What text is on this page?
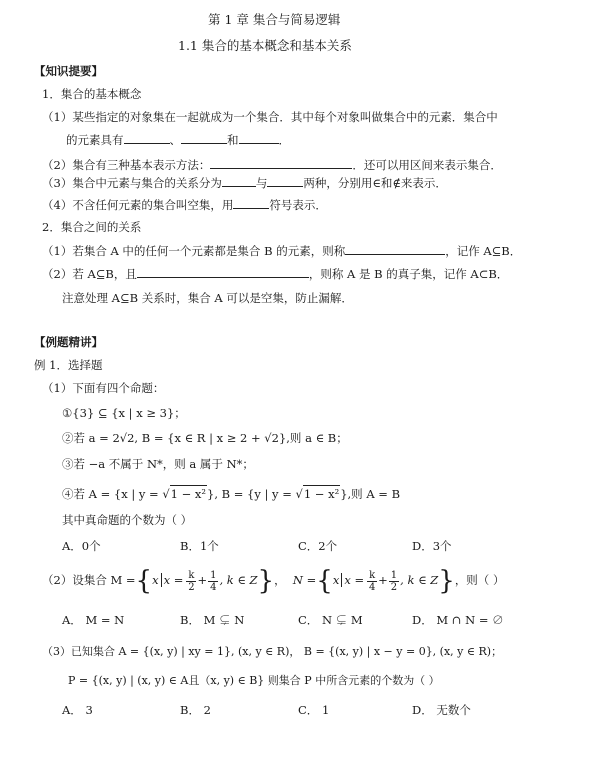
第 1 章 集合与简易逻辑
1.1 集合的基本概念和基本关系
【知识提要】
1．集合的基本概念
（1）某些指定的对象集在一起就成为一个集合．其中每个对象叫做集合中的元素．集合中
的元素具有	、	和	．
（2）集合有三种基本表示方法：	．还可以用区间来表示集合．
（3）集合中元素与集合的关系分为	与	两种，分别用∈和∉来表示．
（4）不含任何元素的集合叫空集，用	符号表示．
2．集合之间的关系
（1）若集合 A 中的任何一个元素都是集合 B 的元素，则称	，记作 A⊆B．
（2）若 A⊆B，且	，则称 A 是 B 的真子集，记作 A⊂B．
注意处理 A⊆B 关系时，集合 A 可以是空集，防止漏解．
【例题精讲】
例 1．选择题
（1）下面有四个命题：
①{3} ⊆ {x | x ≥ 3}；
②若 a = 2√2, B = {x ∈ R | x ≥ 2 + √2 },则 a ∈ B；
③若 −a 不属于 N*，则 a 属于 N*；
④若 A = {x | y = √ 1 − x² }, B = {y | y = √ 1 − x² },则 A = B
其中真命题的个数为（ ）
A．0个	B．1个	C．2个	D．3个
（2）设集合 M ={x $x = \frac{k}{2} + \frac{1}{4}$ , k ∈ Z}，  N ={x $x = \frac{k}{4} + \frac{1}{2}$ , k ∈ Z}，则（ ）
A． M = N	B． M ⊊ N	C． N ⊊ M	D． M ∩ N = ∅
（3）已知集合 A = {(x, y) | xy = 1}, (x, y ∈ R)， B = {(x, y) | x − y = 0}, (x, y ∈ R)；
P = {(x, y) | (x, y) ∈ A且（x, y) ∈ B} 则集合 P 中所含元素的个数为（ ）
A． 3	B． 2	C． 1	D． 无数个
